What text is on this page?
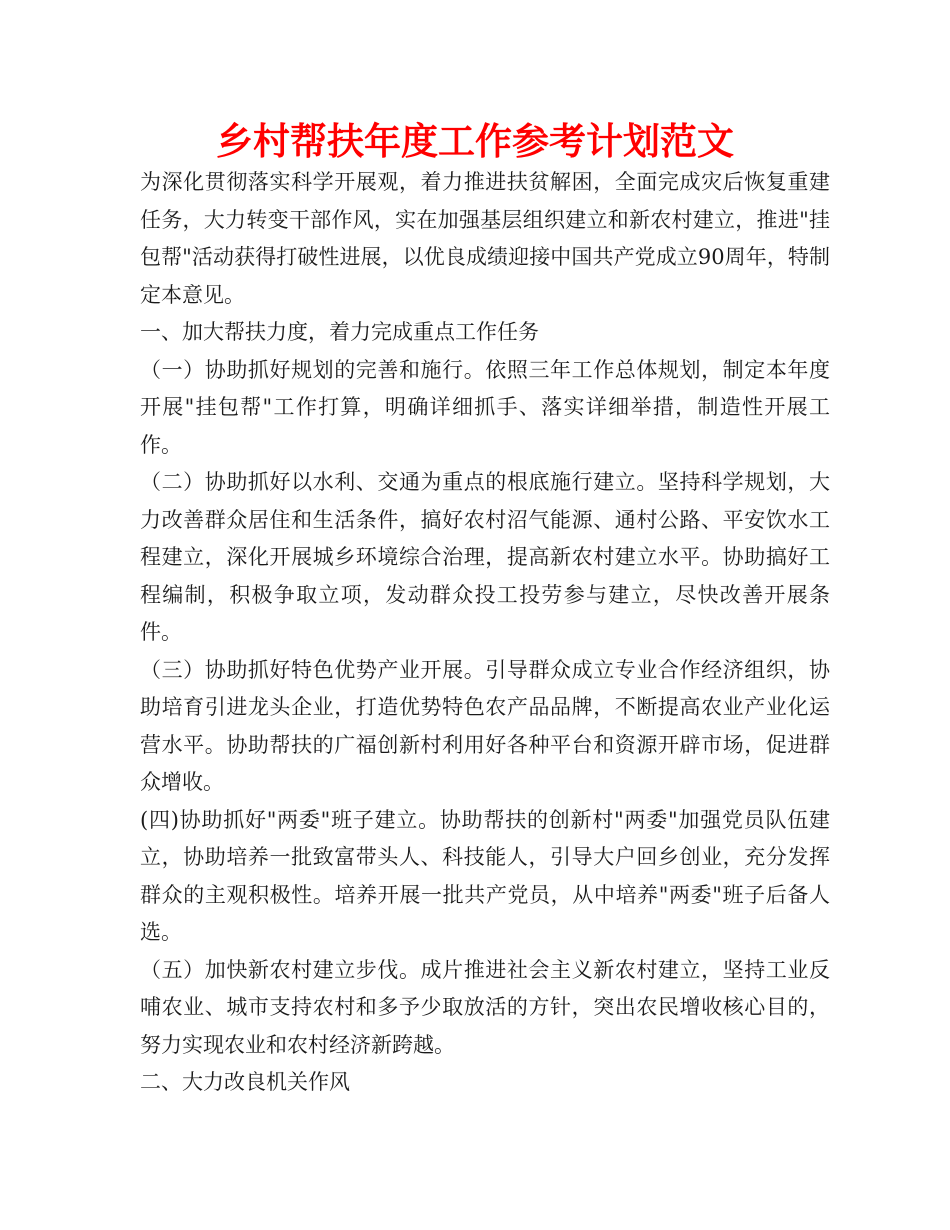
乡村帮扶年度工作参考计划范文

为深化贯彻落实科学开展观，着力推进扶贫解困，全面完成灾后恢复重建任务，大力转变干部作风，实在加强基层组织建立和新农村建立，推进"挂包帮"活动获得打破性进展，以优良成绩迎接中国共产党成立90周年，特制定本意见。

一、加大帮扶力度，着力完成重点工作任务

（一）协助抓好规划的完善和施行。依照三年工作总体规划，制定本年度开展"挂包帮"工作打算，明确详细抓手、落实详细举措，制造性开展工作。

（二）协助抓好以水利、交通为重点的根底施行建立。坚持科学规划，大力改善群众居住和生活条件，搞好农村沼气能源、通村公路、平安饮水工程建立，深化开展城乡环境综合治理，提高新农村建立水平。协助搞好工程编制，积极争取立项，发动群众投工投劳参与建立，尽快改善开展条件。

（三）协助抓好特色优势产业开展。引导群众成立专业合作经济组织，协助培育引进龙头企业，打造优势特色农产品品牌，不断提高农业产业化运营水平。协助帮扶的广福创新村利用好各种平台和资源开辟市场，促进群众增收。

(四)协助抓好"两委"班子建立。协助帮扶的创新村"两委"加强党员队伍建立，协助培养一批致富带头人、科技能人，引导大户回乡创业，充分发挥群众的主观积极性。培养开展一批共产党员，从中培养"两委"班子后备人选。

（五）加快新农村建立步伐。成片推进社会主义新农村建立，坚持工业反哺农业、城市支持农村和多予少取放活的方针，突出农民增收核心目的，努力实现农业和农村经济新跨越。

二、大力改良机关作风
